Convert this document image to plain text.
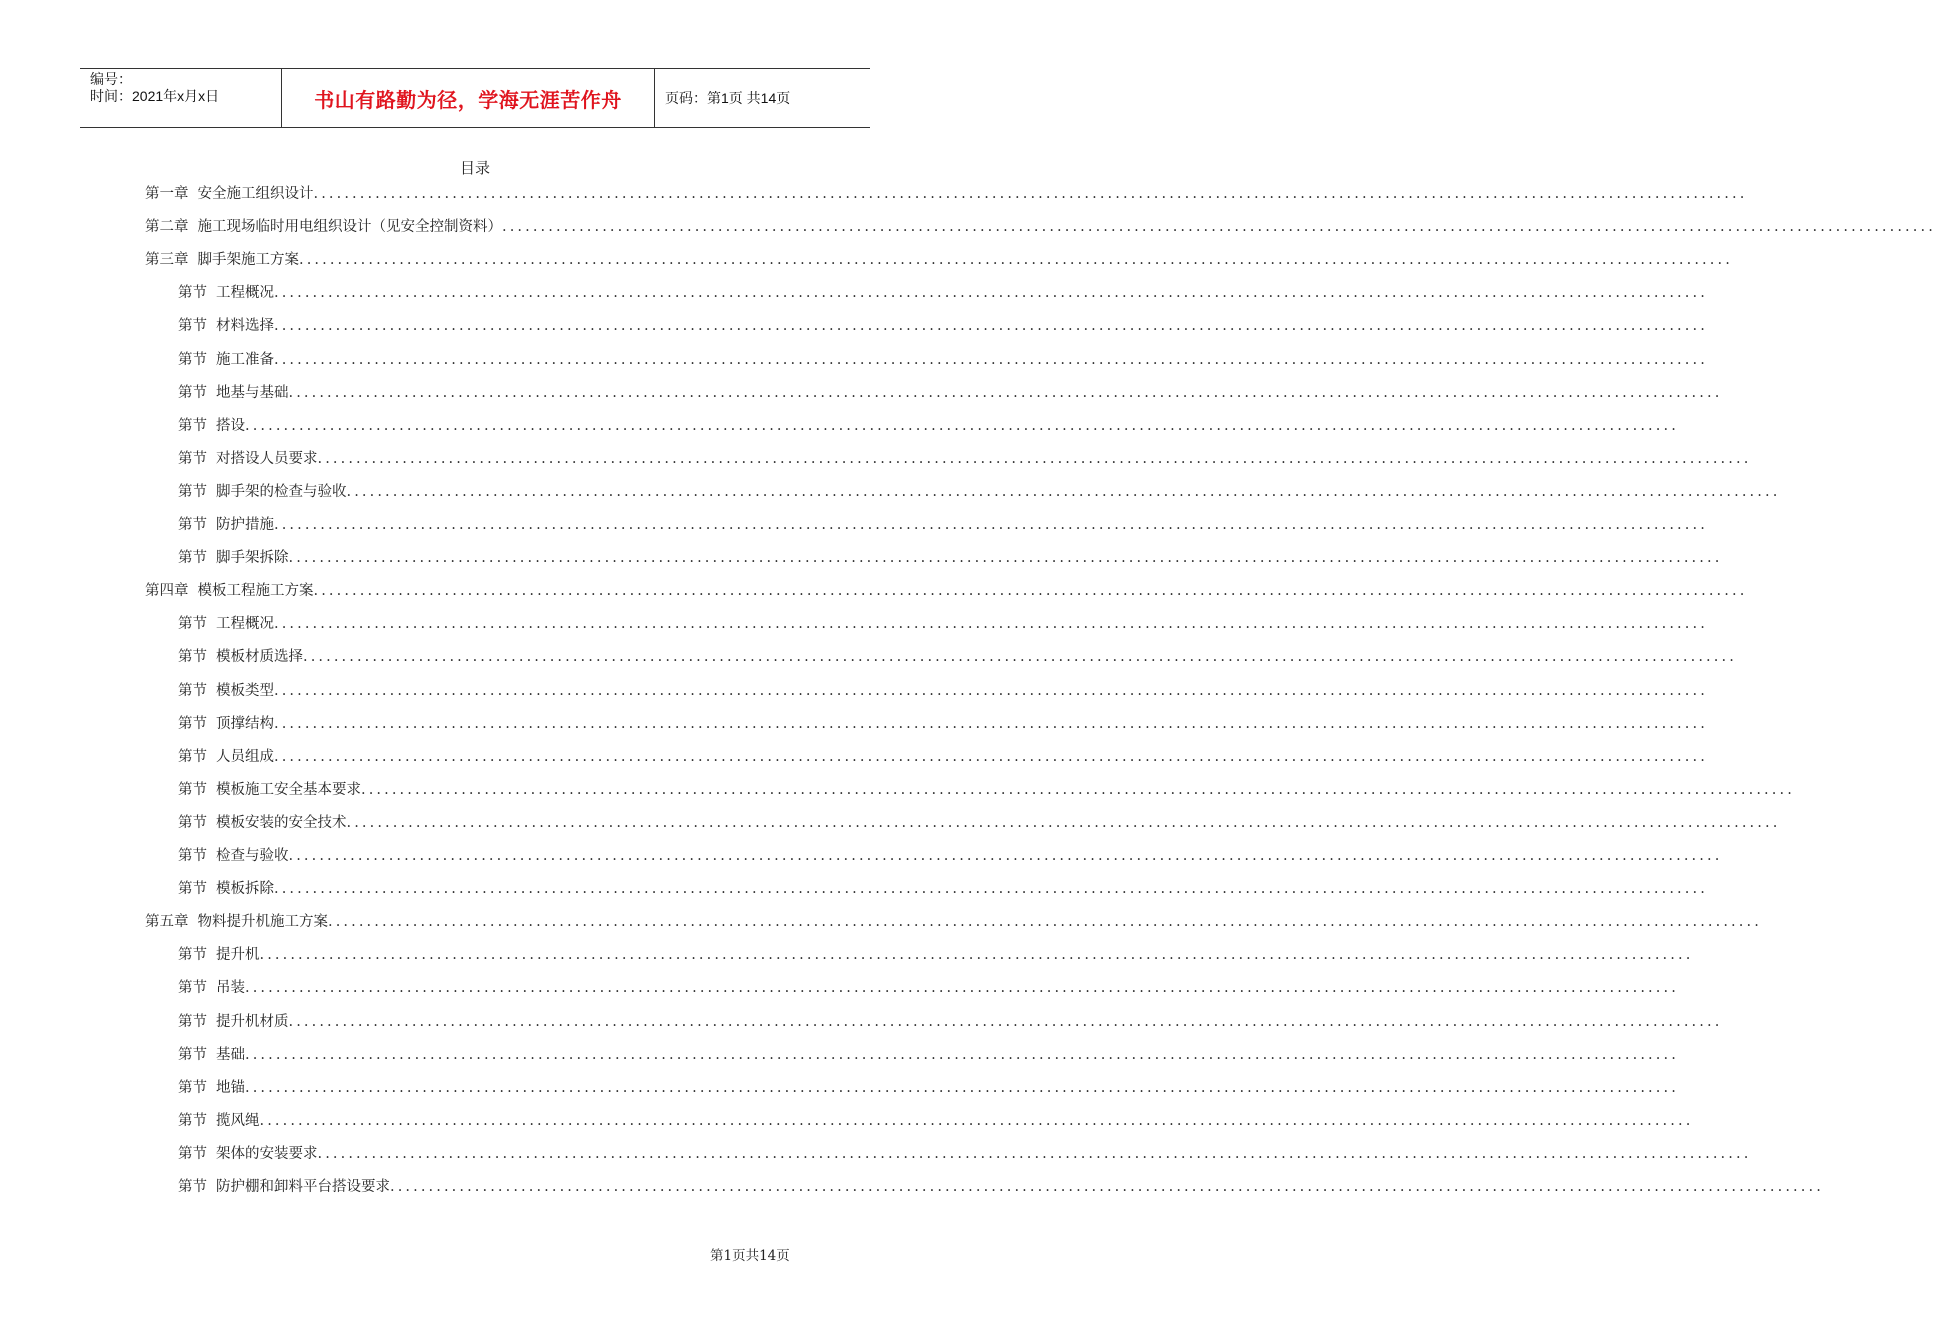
编号：
时间：2021年x月x日	书山有路勤为径，学海无涯苦作舟	页码：第1页 共14页
目录
第一章 安全施工组织设计..........................................................................................................................................................................................
第二章 施工现场临时用电组织设计（见安全控制资料）..........................................................................................................................................................................................
第三章 脚手架施工方案..........................................................................................................................................................................................
第节 工程概况..........................................................................................................................................................................................
第节 材料选择..........................................................................................................................................................................................
第节 施工准备..........................................................................................................................................................................................
第节 地基与基础..........................................................................................................................................................................................
第节 搭设..........................................................................................................................................................................................
第节 对搭设人员要求..........................................................................................................................................................................................
第节 脚手架的检查与验收..........................................................................................................................................................................................
第节 防护措施..........................................................................................................................................................................................
第节 脚手架拆除..........................................................................................................................................................................................
第四章 模板工程施工方案..........................................................................................................................................................................................
第节 工程概况..........................................................................................................................................................................................
第节 模板材质选择..........................................................................................................................................................................................
第节 模板类型..........................................................................................................................................................................................
第节 顶撑结构..........................................................................................................................................................................................
第节 人员组成..........................................................................................................................................................................................
第节 模板施工安全基本要求..........................................................................................................................................................................................
第节 模板安装的安全技术..........................................................................................................................................................................................
第节 检查与验收..........................................................................................................................................................................................
第节 模板拆除..........................................................................................................................................................................................
第五章 物料提升机施工方案..........................................................................................................................................................................................
第节 提升机..........................................................................................................................................................................................
第节 吊装..........................................................................................................................................................................................
第节 提升机材质..........................................................................................................................................................................................
第节 基础..........................................................................................................................................................................................
第节 地锚..........................................................................................................................................................................................
第节 揽风绳..........................................................................................................................................................................................
第节 架体的安装要求..........................................................................................................................................................................................
第节 防护棚和卸料平台搭设要求..........................................................................................................................................................................................
第1页共14页
